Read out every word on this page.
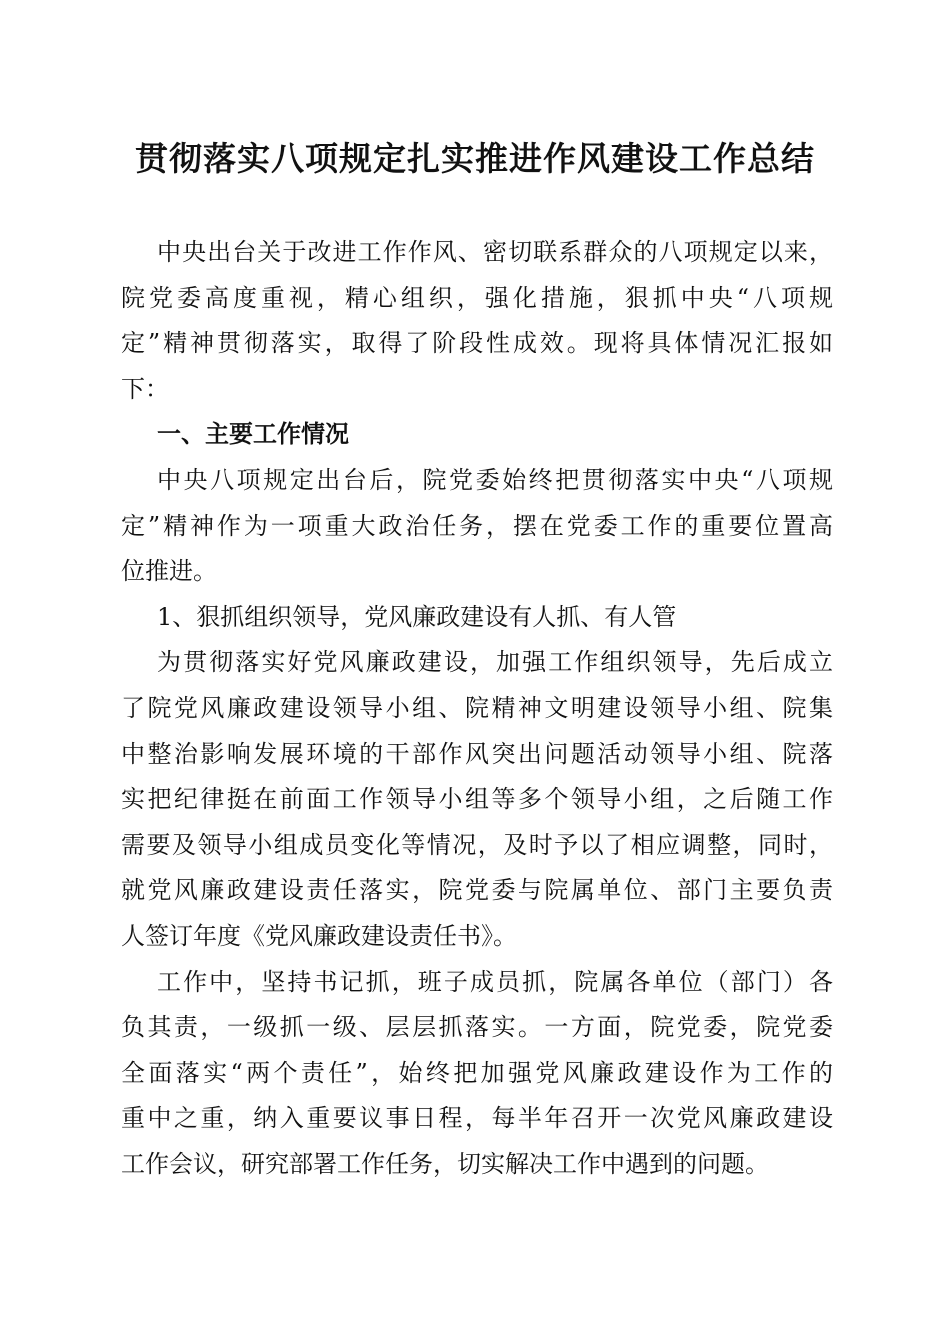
贯彻落实八项规定扎实推进作风建设工作总结
中央出台关于改进工作作风、密切联系群众的八项规定以来，
院党委高度重视，精心组织，强化措施，狠抓中央“八项规
定”精神贯彻落实，取得了阶段性成效。现将具体情况汇报如
下：
一、主要工作情况
中央八项规定出台后，院党委始终把贯彻落实中央“八项规
定”精神作为一项重大政治任务，摆在党委工作的重要位置高
位推进。
1、狠抓组织领导，党风廉政建设有人抓、有人管
为贯彻落实好党风廉政建设，加强工作组织领导，先后成立
了院党风廉政建设领导小组、院精神文明建设领导小组、院集
中整治影响发展环境的干部作风突出问题活动领导小组、院落
实把纪律挺在前面工作领导小组等多个领导小组，之后随工作
需要及领导小组成员变化等情况，及时予以了相应调整，同时，
就党风廉政建设责任落实，院党委与院属单位、部门主要负责
人签订年度《党风廉政建设责任书》。
工作中，坚持书记抓，班子成员抓，院属各单位（部门）各
负其责，一级抓一级、层层抓落实。一方面，院党委，院党委
全面落实“两个责任”，始终把加强党风廉政建设作为工作的
重中之重，纳入重要议事日程，每半年召开一次党风廉政建设
工作会议，研究部署工作任务，切实解决工作中遇到的问题。
